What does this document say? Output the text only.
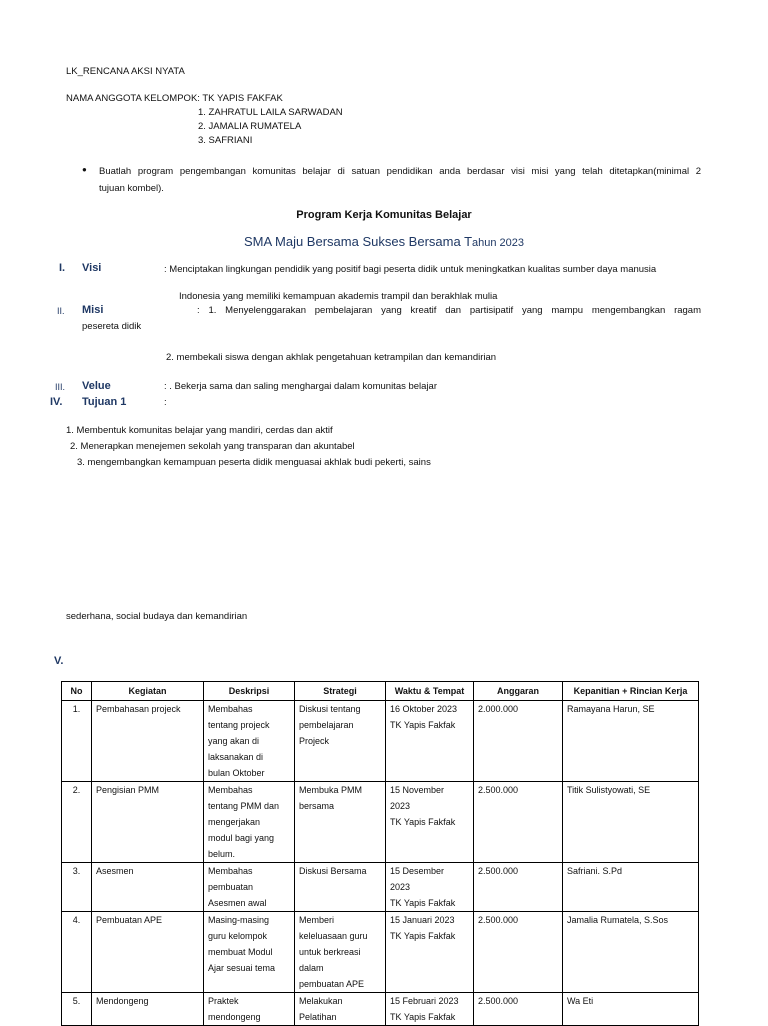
LK_RENCANA AKSI NYATA
NAMA ANGGOTA KELOMPOK: TK YAPIS FAKFAK
1. ZAHRATUL LAILA SARWADAN
2. JAMALIA RUMATELA
3. SAFRIANI
● Buatlah program pengembangan komunitas belajar di satuan pendidikan anda berdasar visi misi yang telah ditetapkan(minimal 2
tujuan kombel).
Program Kerja Komunitas Belajar
SMA Maju Bersama Sukses Bersama Tahun 2023
I. Visi	: Menciptakan lingkungan pendidik yang positif bagi peserta didik untuk meningkatkan kualitas sumber daya manusia
Indonesia yang memiliki kemampuan akademis trampil dan berakhlak mulia
II. Misi	: 1. Menyelenggarakan pembelajaran yang kreatif dan partisipatif yang mampu mengembangkan ragam
pesereta didik
2. membekali siswa dengan akhlak pengetahuan ketrampilan dan kemandirian
III. Velue	: . Bekerja sama dan saling menghargai dalam komunitas belajar
IV. Tujuan 1	:
1. Membentuk komunitas belajar yang mandiri, cerdas dan aktif
2. Menerapkan menejemen sekolah yang transparan dan akuntabel
3. mengembangkan kemampuan peserta didik menguasai akhlak budi pekerti, sains
sederhana, social budaya dan kemandirian
V.
No	Kegiatan	Deskripsi	Strategi	Waktu & Tempat	Anggaran	Kepanitian + Rincian Kerja
1.	Pembahasan projeck	Membahas
tentang projeck
yang akan di
laksanakan di
bulan Oktober	Diskusi tentang
pembelajaran
Projeck	16 Oktober 2023
TK Yapis Fakfak	2.000.000	Ramayana Harun, SE
2.	Pengisian PMM	Membahas
tentang PMM dan
mengerjakan
modul bagi yang
belum.	Membuka PMM
bersama	15 November
2023
TK Yapis Fakfak	2.500.000	Titik Sulistyowati, SE
3.	Asesmen	Membahas
pembuatan
Asesmen awal	Diskusi Bersama	15 Desember
2023
TK Yapis Fakfak	2.500.000	Safriani. S.Pd
4.	Pembuatan APE	Masing-masing
guru kelompok
membuat Modul
Ajar sesuai tema	Memberi
keleluasaan guru
untuk berkreasi
dalam
pembuatan APE	15 Januari 2023
TK Yapis Fakfak	2.500.000	Jamalia Rumatela, S.Sos
5.	Mendongeng	Praktek
mendongeng	Melakukan
Pelatihan	15 Februari 2023
TK Yapis Fakfak	2.500.000	Wa Eti
